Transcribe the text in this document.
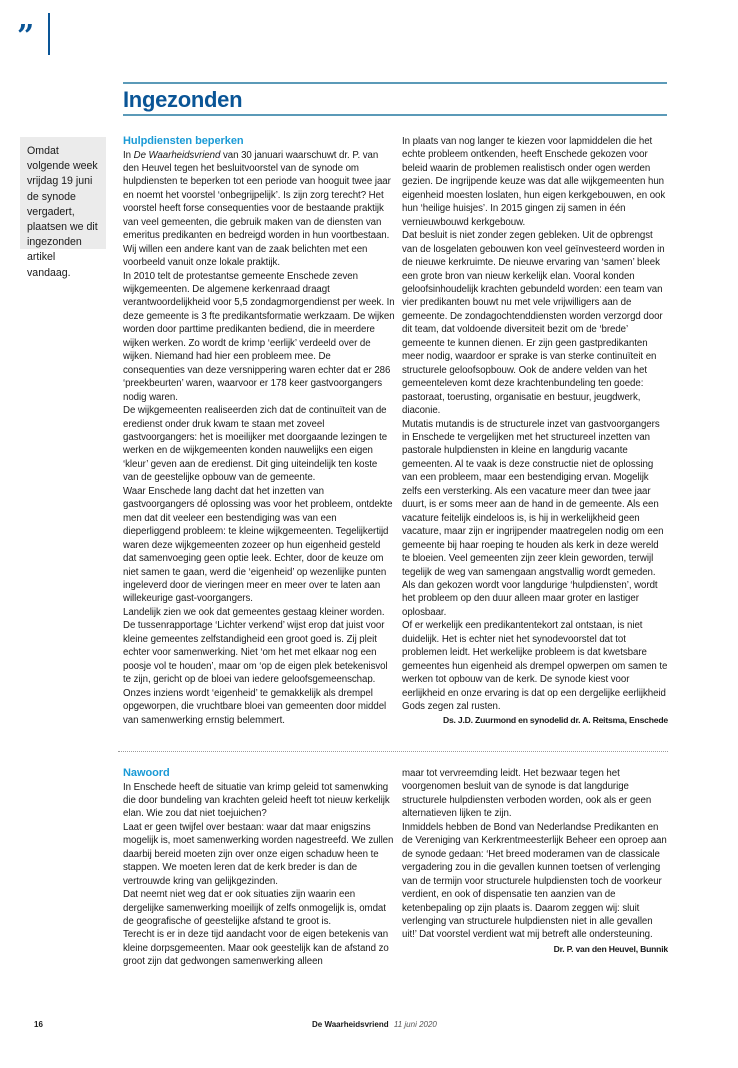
”
Ingezonden
Omdat volgende week vrijdag 19 juni de synode vergadert, plaatsen we dit ingezonden artikel vandaag.

Hulpdiensten beperken

In De Waarheidsvriend van 30 januari waarschuwt dr. P. van den Heuvel tegen het besluitvoorstel van de synode om hulpdiensten te beperken tot een periode van hooguit twee jaar en noemt het voorstel ‘onbegrijpelijk’. Is zijn zorg terecht? Het voorstel heeft forse consequenties voor de bestaande praktijk van veel gemeenten, die gebruik maken van de diensten van emeritus predikanten en bedreigd worden in hun voortbestaan. Wij willen een andere kant van de zaak belichten met een voorbeeld vanuit onze lokale praktijk.

In 2010 telt de protestantse gemeente Enschede zeven wijkgemeenten. De algemene kerkenraad draagt verantwoordelijkheid voor 5,5 zondagmorgendienst per week. In deze gemeente is 3 fte predikantsformatie werkzaam. De wijken worden door parttime predikanten bediend, die in meerdere wijken werken. Zo wordt de krimp ‘eerlijk’ verdeeld over de wijken. Niemand had hier een probleem mee. De consequenties van deze versnippering waren echter dat er 286 ‘preekbeurten’ waren, waarvoor er 178 keer gastvoorgangers nodig waren.

De wijkgemeenten realiseerden zich dat de continuïteit van de eredienst onder druk kwam te staan met zoveel gastvoorgangers: het is moeilijker met doorgaande lezingen te werken en de wijkgemeenten konden nauwelijks een eigen ‘kleur’ geven aan de eredienst. Dit ging uiteindelijk ten koste van de geestelijke opbouw van de gemeente.

Waar Enschede lang dacht dat het inzetten van gastvoorgangers dé oplossing was voor het probleem, ontdekte men dat dit veeleer een bestendiging was van een dieperliggend probleem: te kleine wijkgemeenten. Tegelijkertijd waren deze wijkgemeenten zozeer op hun eigenheid gesteld dat samenvoeging geen optie leek. Echter, door de keuze om niet samen te gaan, werd die ‘eigenheid’ op wezenlijke punten ingeleverd door de vieringen meer en meer over te laten aan willekeurige gast-voorgangers.

Landelijk zien we ook dat gemeentes gestaag kleiner worden. De tussenrapportage ‘Lichter verkend’ wijst erop dat juist voor kleine gemeentes zelfstandigheid een groot goed is. Zij pleit echter voor samenwerking. Niet ‘om het met elkaar nog een poosje vol te houden’, maar om ‘op de eigen plek betekenisvol te zijn, gericht op de bloei van iedere geloofsgemeenschap. Onzes inziens wordt ‘eigenheid’ te gemakkelijk als drempel opgeworpen, die vruchtbare bloei van gemeenten door middel van samenwerking ernstig belemmert.

In plaats van nog langer te kiezen voor lapmiddelen die het echte probleem ontkenden, heeft Enschede gekozen voor beleid waarin de problemen realistisch onder ogen werden gezien. De ingrijpende keuze was dat alle wijkgemeenten hun eigenheid moesten loslaten, hun eigen kerkgebouwen, en ook hun ‘heilige huisjes’. In 2015 gingen zij samen in één vernieuwbouwd kerkgebouw.

Dat besluit is niet zonder zegen gebleken. Uit de opbrengst van de losgelaten gebouwen kon veel geïnvesteerd worden in de nieuwe kerkruimte. De nieuwe ervaring van ‘samen’ bleek een grote bron van nieuw kerkelijk elan. Vooral konden geloofsinhoudelijk krachten gebundeld worden: een team van vier predikanten bouwt nu met vele vrijwilligers aan de gemeente. De zondagochtenddiensten worden verzorgd door dit team, dat voldoende diversiteit bezit om de ‘brede’ gemeente te kunnen dienen. Er zijn geen gastpredikanten meer nodig, waardoor er sprake is van sterke continuïteit en structurele geloofsopbouw. Ook de andere velden van het gemeenteleven komt deze krachtenbundeling ten goede: pastoraat, toerusting, organisatie en bestuur, jeugdwerk, diaconie.

Mutatis mutandis is de structurele inzet van gastvoorgangers in Enschede te vergelijken met het structureel inzetten van pastorale hulpdiensten in kleine en langdurig vacante gemeenten. Al te vaak is deze constructie niet de oplossing van een probleem, maar een bestendiging ervan. Mogelijk zelfs een versterking. Als een vacature meer dan twee jaar duurt, is er soms meer aan de hand in de gemeente. Als een vacature feitelijk eindeloos is, is hij in werkelijkheid geen vacature, maar zijn er ingrijpender maatregelen nodig om een gemeente bij haar roeping te houden als kerk in deze wereld te bloeien. Veel gemeenten zijn zeer klein geworden, terwijl tegelijk de weg van samengaan angstvallig wordt gemeden. Als dan gekozen wordt voor langdurige ‘hulpdiensten’, wordt het probleem op den duur alleen maar groter en lastiger oplosbaar.

Of er werkelijk een predikantentekort zal ontstaan, is niet duidelijk. Het is echter niet het synodevoorstel dat tot problemen leidt. Het werkelijke probleem is dat kwetsbare gemeentes hun eigenheid als drempel opwerpen om samen te werken tot opbouw van de kerk. De synode kiest voor eerlijkheid en onze ervaring is dat op een dergelijke eerlijkheid Gods zegen zal rusten.

Ds. J.D. Zuurmond en synodelid dr. A. Reitsma, Enschede

Nawoord

In Enschede heeft de situatie van krimp geleid tot samenwking die door bundeling van krachten geleid heeft tot nieuw kerkelijk elan. Wie zou dat niet toejuichen?

Laat er geen twijfel over bestaan: waar dat maar enigszins mogelijk is, moet samenwerking worden nagestreefd. We zullen daarbij bereid moeten zijn over onze eigen schaduw heen te stappen. We moeten leren dat de kerk breder is dan de vertrouwde kring van gelijkgezinden.

Dat neemt niet weg dat er ook situaties zijn waarin een dergelijke samenwerking moeilijk of zelfs onmogelijk is, omdat de geografische of geestelijke afstand te groot is.

Terecht is er in deze tijd aandacht voor de eigen betekenis van kleine dorpsgemeenten. Maar ook geestelijk kan de afstand zo groot zijn dat gedwongen samenwerking alleen

maar tot vervreemding leidt. Het bezwaar tegen het voorgenomen besluit van de synode is dat langdurige structurele hulpdiensten verboden worden, ook als er geen alternatieven lijken te zijn.

Inmiddels hebben de Bond van Nederlandse Predikanten en de Vereniging van Kerkrentmeesterlijk Beheer een oproep aan de synode gedaan: ‘Het breed moderamen van de classicale vergadering zou in die gevallen kunnen toetsen of verlenging van de termijn voor structurele hulpdiensten toch de voorkeur verdient, en ook of dispensatie ten aanzien van de ketenbepaling op zijn plaats is. Daarom zeggen wij: sluit verlenging van structurele hulpdiensten niet in alle gevallen uit!’ Dat voorstel verdient wat mij betreft alle ondersteuning.

Dr. P. van den Heuvel, Bunnik

16	De Waarheidsvriend 11 juni 2020
